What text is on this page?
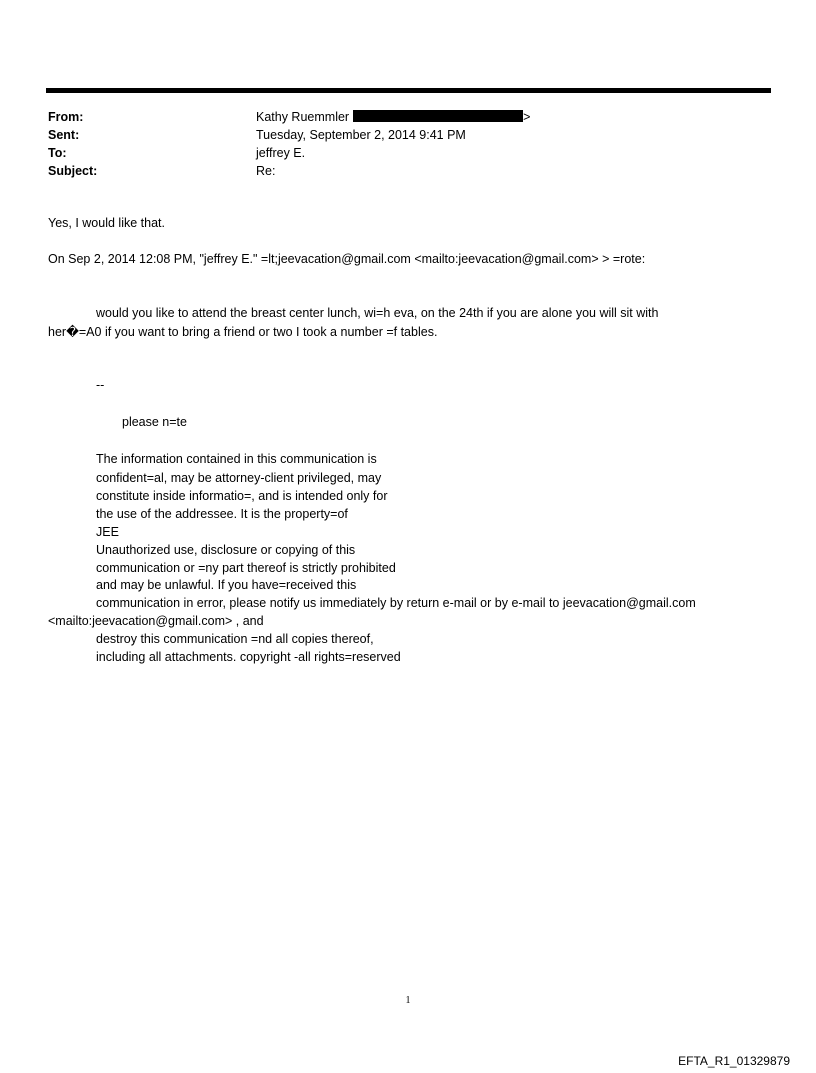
From:	Kathy Ruemmler	>
Sent:	Tuesday, September 2, 2014 9:41 PM
To:	jeffrey E.
Subject:	Re:
Yes, I would like that.
On Sep 2, 2014 12:08 PM, "jeffrey E." =lt;jeevacation@gmail.com <mailto:jeevacation@gmail.com> > =rote:
would you like to attend the breast center lunch, wi=h eva, on the 24th if you are alone you will sit with
her�=A0 if you want to bring a friend or two I took a number =f tables.
--
please n=te
The information contained in this communication is
confident=al, may be attorney-client privileged, may
constitute inside informatio=, and is intended only for
the use of the addressee. It is the property=of
JEE
Unauthorized use, disclosure or copying of this
communication or =ny part thereof is strictly prohibited
and may be unlawful. If you have=received this
communication in error, please notify us immediately by return e-mail or by e-mail to jeevacation@gmail.com
<mailto:jeevacation@gmail.com> , and
destroy this communication =nd all copies thereof,
including all attachments. copyright -all rights=reserved
1
EFTA_R1_01329879
